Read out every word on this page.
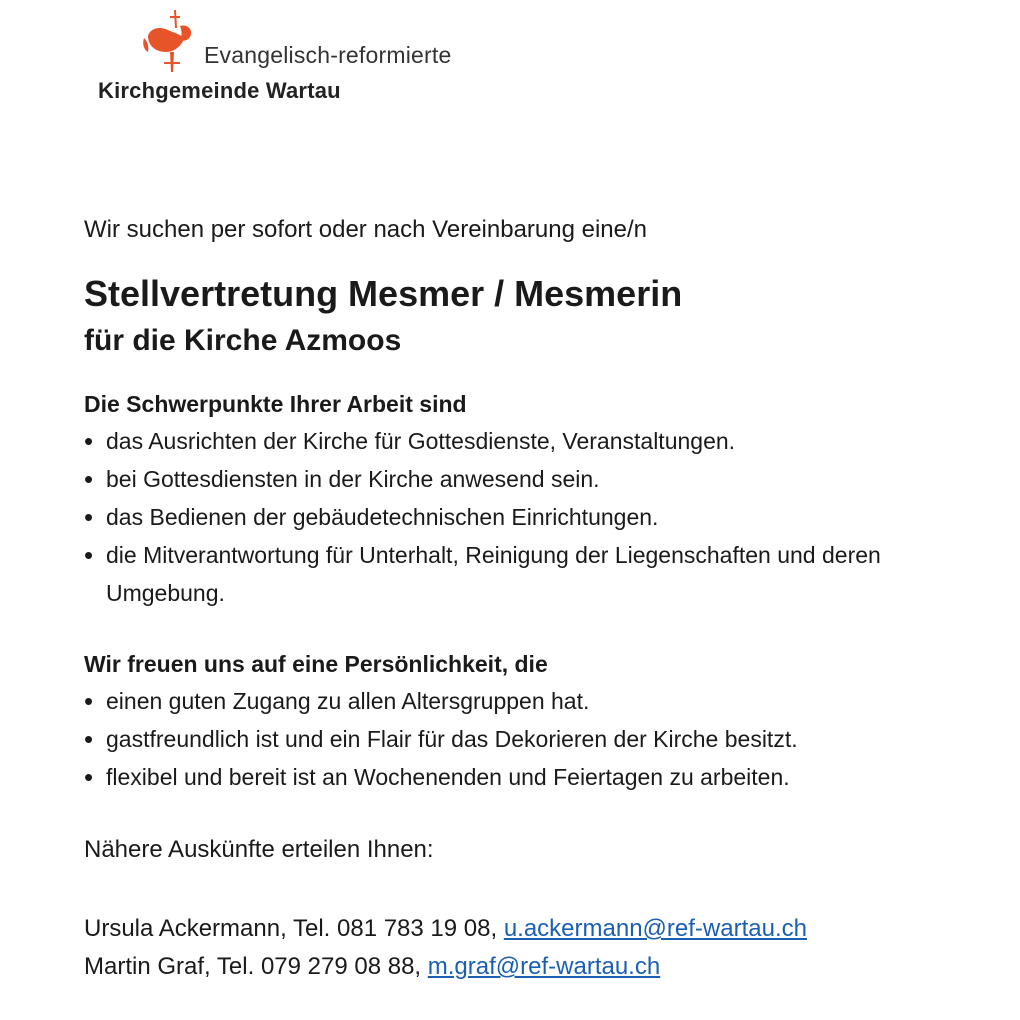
Evangelisch-reformierte
Kirchgemeinde Wartau

Wir suchen per sofort oder nach Vereinbarung eine/n

Stellvertretung Mesmer / Mesmerin
für die Kirche Azmoos

Die Schwerpunkte Ihrer Arbeit sind

• das Ausrichten der Kirche für Gottesdienste, Veranstaltungen.
• bei Gottesdiensten in der Kirche anwesend sein.
• das Bedienen der gebäudetechnischen Einrichtungen.
• die Mitverantwortung für Unterhalt, Reinigung der Liegenschaften und deren Umgebung.

Wir freuen uns auf eine Persönlichkeit, die

• einen guten Zugang zu allen Altersgruppen hat.
• gastfreundlich ist und ein Flair für das Dekorieren der Kirche besitzt.
• flexibel und bereit ist an Wochenenden und Feiertagen zu arbeiten.

Nähere Auskünfte erteilen Ihnen:

Ursula Ackermann, Tel. 081 783 19 08, u.ackermann@ref-wartau.ch
Martin Graf, Tel. 079 279 08 88, m.graf@ref-wartau.ch
